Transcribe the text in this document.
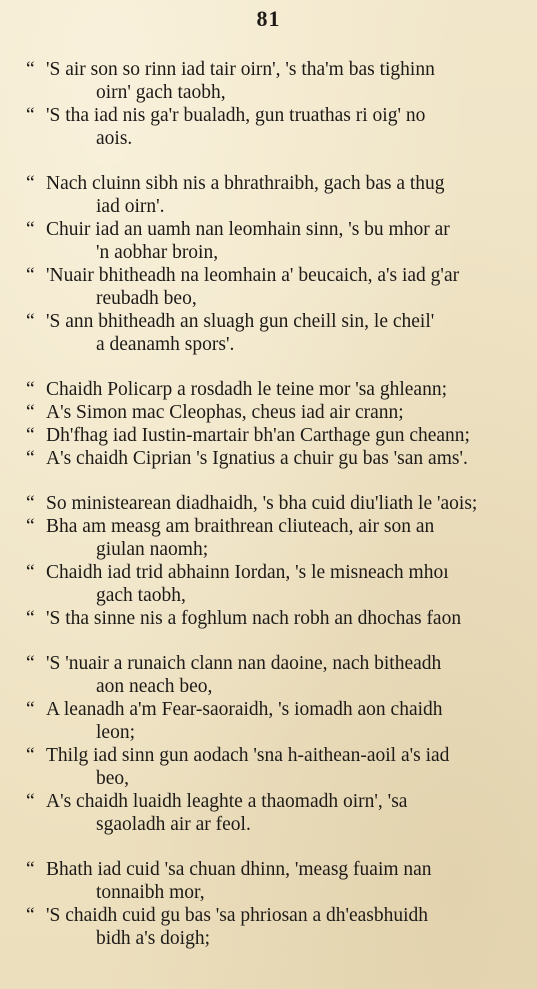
81
“ 'S air son so rinn iad tair oirn', 's tha'm bas tighinn
oirn' gach taobh,
“ 'S tha iad nis ga'r bualadh, gun truathas ri oig' no
aois.
“ Nach cluinn sibh nis a bhrathraibh, gach bas a thug
iad oirn'.
“ Chuir iad an uamh nan leomhain sinn, 's bu mhor ar
'n aobhar broin,
“ 'Nuair bhitheadh na leomhain a' beucaich, a's iad g'ar
reubadh beo,
“ 'S ann bhitheadh an sluagh gun cheill sin, le cheil'
a deanamh spors'.
“ Chaidh Policarp a rosdadh le teine mor 'sa ghleann;
“ A's Simon mac Cleophas, cheus iad air crann;
“ Dh'fhag iad Iustin-martair bh'an Carthage gun cheann;
“ A's chaidh Ciprian 's Ignatius a chuir gu bas 'san ams'.
“ So ministearean diadhaidh, 's bha cuid diu'liath le 'aois;
“ Bha am measg am braithrean cliuteach, air son an
giulan naomh;
“ Chaidh iad trid abhainn Iordan, 's le misneach mhoı
gach taobh,
“ 'S tha sinne nis a foghlum nach robh an dhochas faon
“ 'S 'nuair a runaich clann nan daoine, nach bitheadh
aon neach beo,
“ A leanadh a'm Fear-saoraidh, 's iomadh aon chaidh
leon;
“ Thilg iad sinn gun aodach 'sna h-aithean-aoil a's iad
beo,
“ A's chaidh luaidh leaghte a thaomadh oirn', 'sa
sgaoladh air ar feol.
“ Bhath iad cuid 'sa chuan dhinn, 'measg fuaim nan
tonnaibh mor,
“ 'S chaidh cuid gu bas 'sa phriosan a dh'easbhuidh
bidh a's doigh;
